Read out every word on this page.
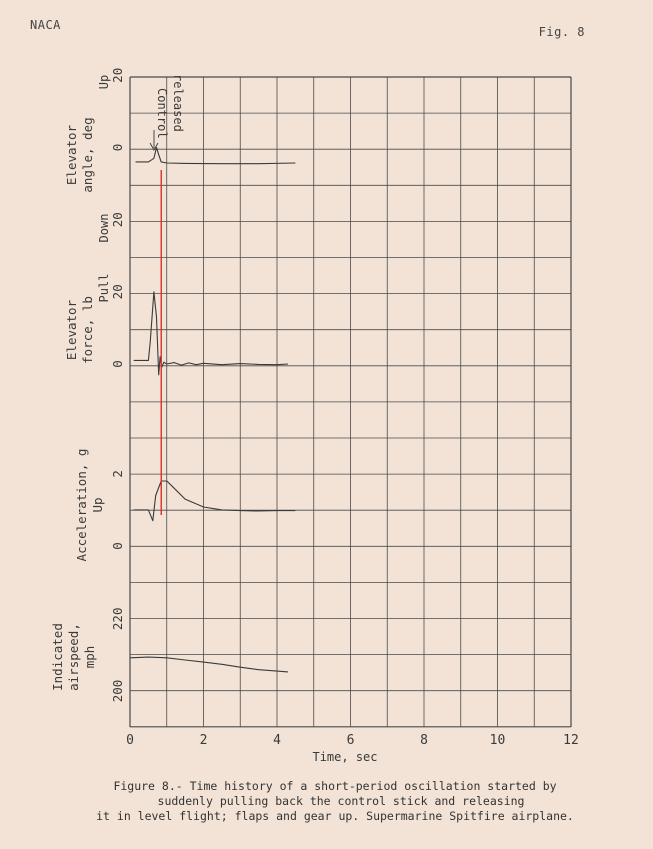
NACA	Fig. 8
0	2	4	6	8	10	12
Time, sec
20
0
20
Elevator angle, deg
Up
Down
20
0
Elevator force, lb
Pull
2
0
Acceleration, g Up
220
200
Indicated airspeed, mph
Control released

Figure 8.- Time history of a short-period oscillation started by

suddenly pulling back the control stick and releasing

it in level flight; flaps and gear up. Supermarine Spitfire airplane.
